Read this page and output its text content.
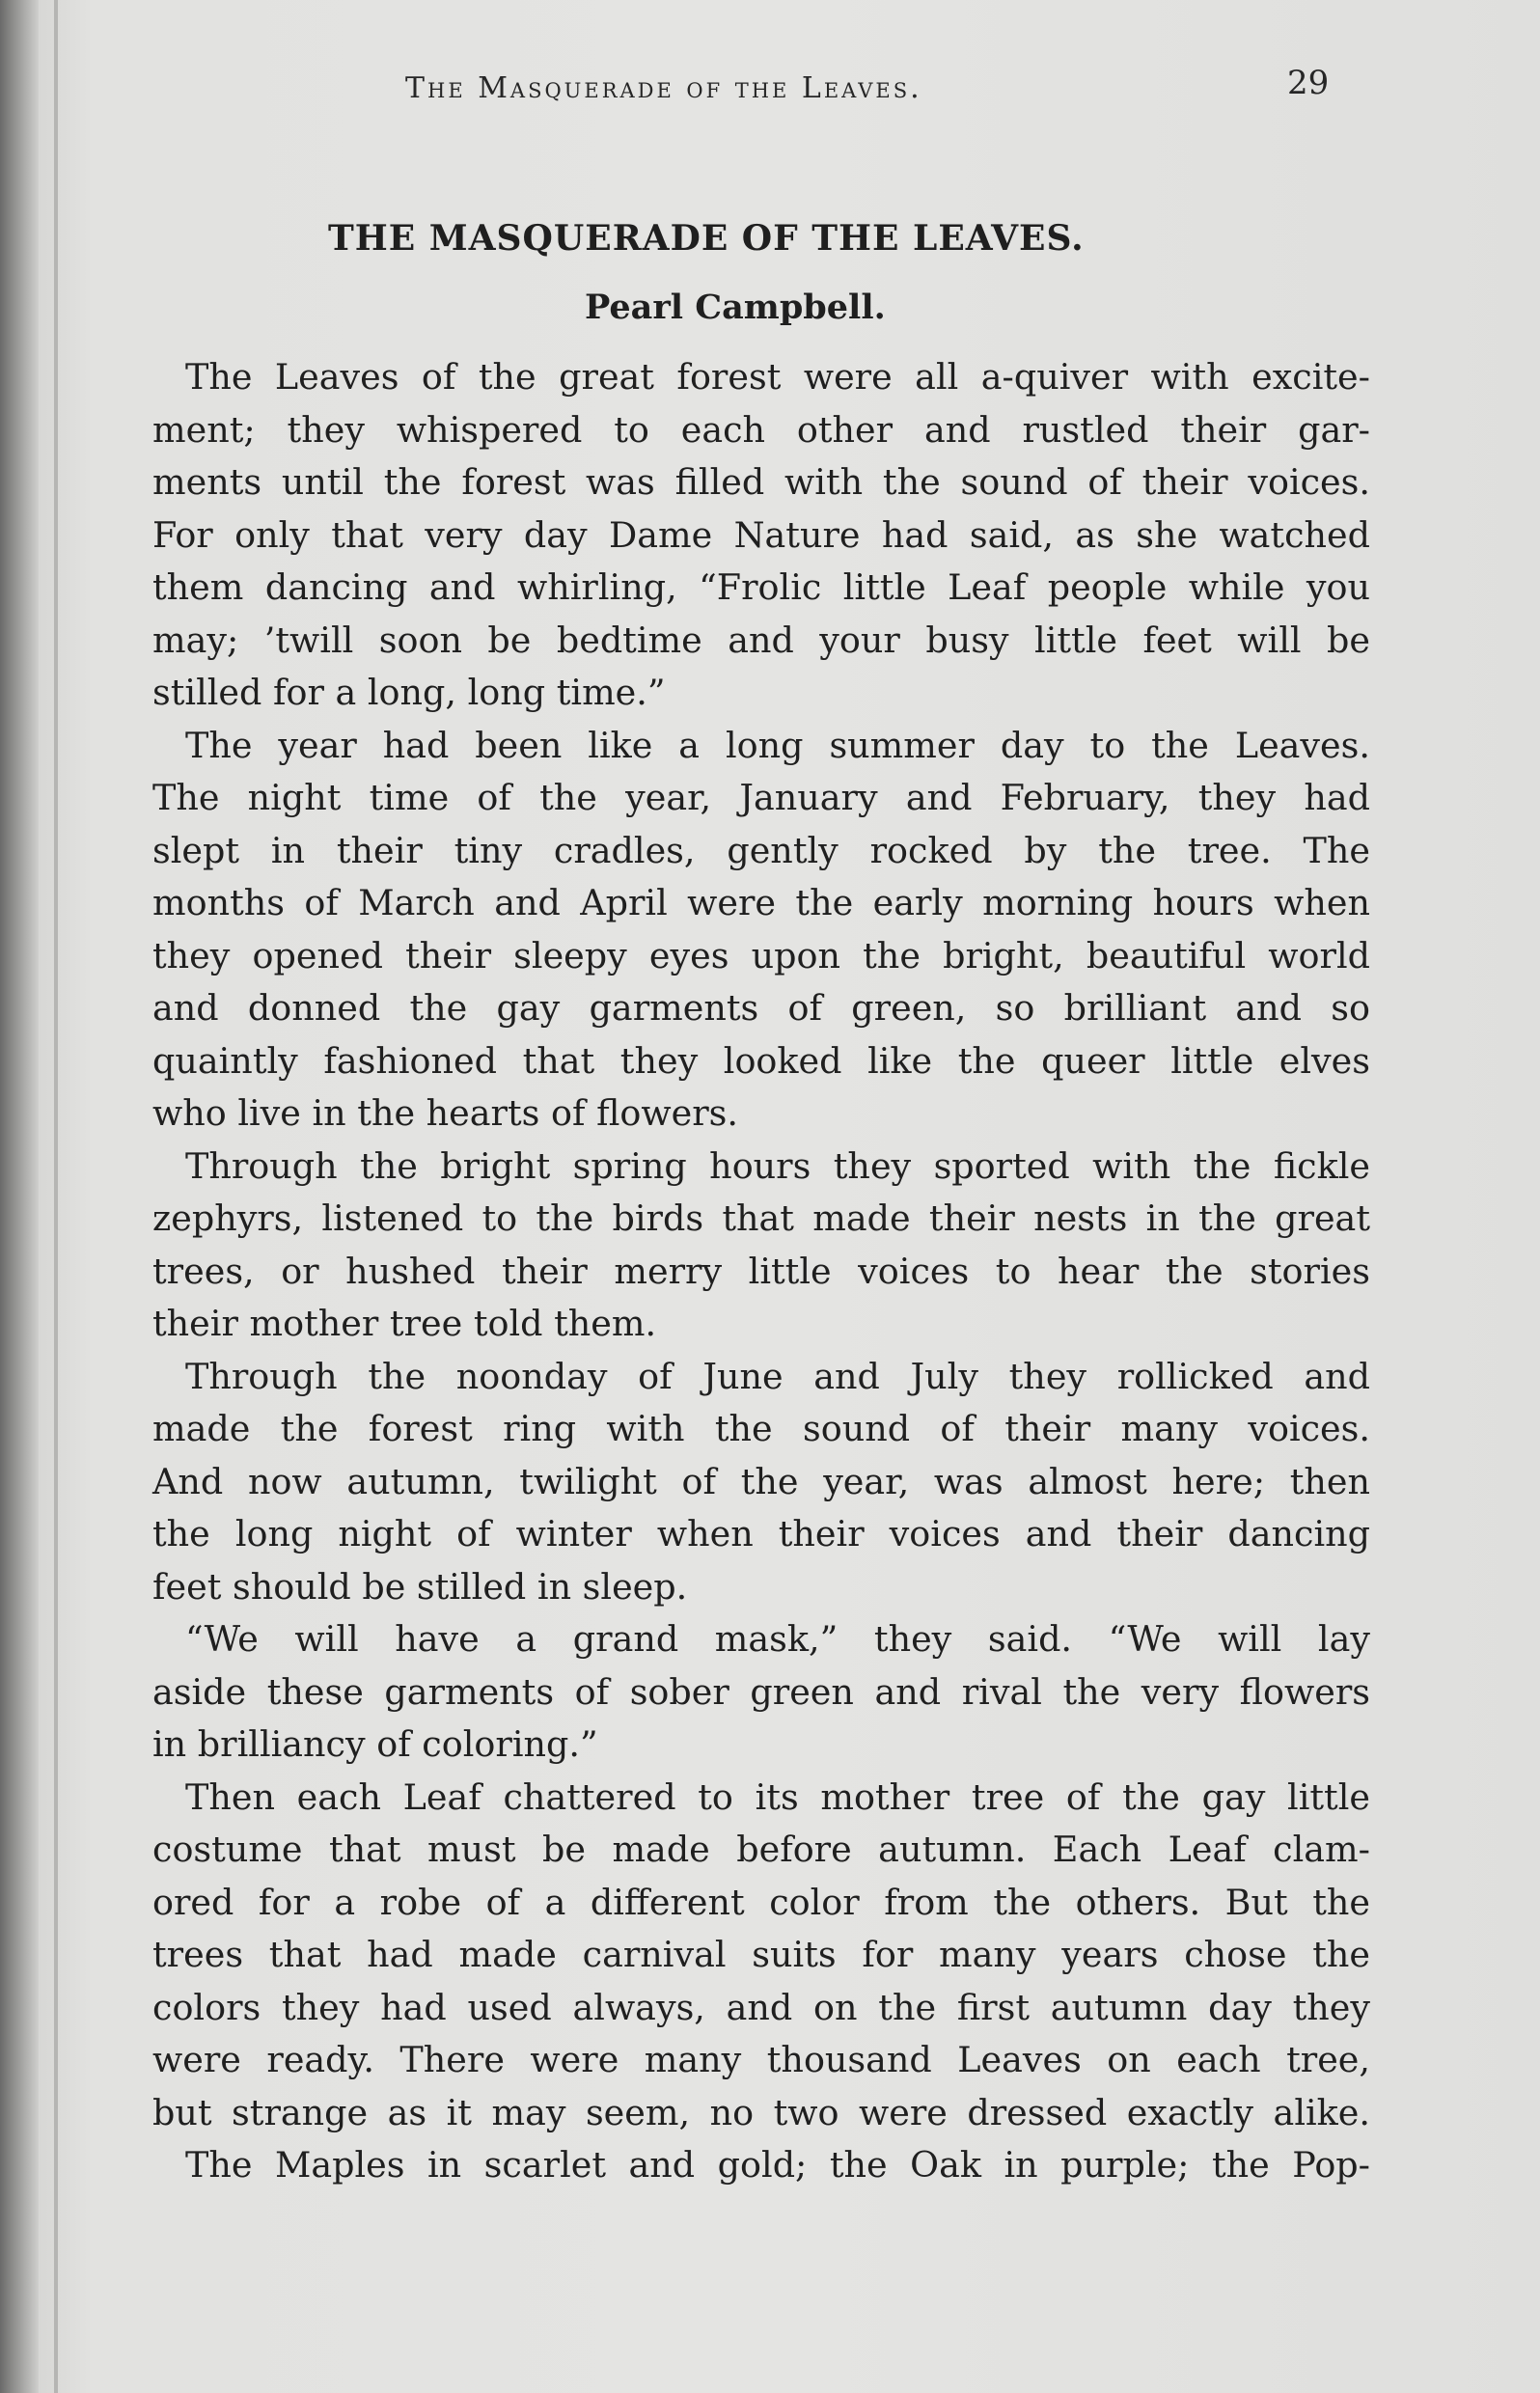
The Masquerade of the Leaves.	29
THE MASQUERADE OF THE LEAVES.
Pearl Campbell.
The Leaves of the great forest were all a-quiver with excite-
ment; they whispered to each other and rustled their gar-
ments until the forest was filled with the sound of their voices.
For only that very day Dame Nature had said, as she watched
them dancing and whirling, “Frolic little Leaf people while you
may; ’twill soon be bedtime and your busy little feet will be
stilled for a long, long time.”
The year had been like a long summer day to the Leaves.
The night time of the year, January and February, they had
slept in their tiny cradles, gently rocked by the tree. The
months of March and April were the early morning hours when
they opened their sleepy eyes upon the bright, beautiful world
and donned the gay garments of green, so brilliant and so
quaintly fashioned that they looked like the queer little elves
who live in the hearts of flowers.
Through the bright spring hours they sported with the fickle
zephyrs, listened to the birds that made their nests in the great
trees, or hushed their merry little voices to hear the stories
their mother tree told them.
Through the noonday of June and July they rollicked and
made the forest ring with the sound of their many voices.
And now autumn, twilight of the year, was almost here; then
the long night of winter when their voices and their dancing
feet should be stilled in sleep.
“We will have a grand mask,” they said. “We will lay
aside these garments of sober green and rival the very flowers
in brilliancy of coloring.”
Then each Leaf chattered to its mother tree of the gay little
costume that must be made before autumn. Each Leaf clam-
ored for a robe of a different color from the others. But the
trees that had made carnival suits for many years chose the
colors they had used always, and on the first autumn day they
were ready. There were many thousand Leaves on each tree,
but strange as it may seem, no two were dressed exactly alike.
The Maples in scarlet and gold; the Oak in purple; the Pop-
